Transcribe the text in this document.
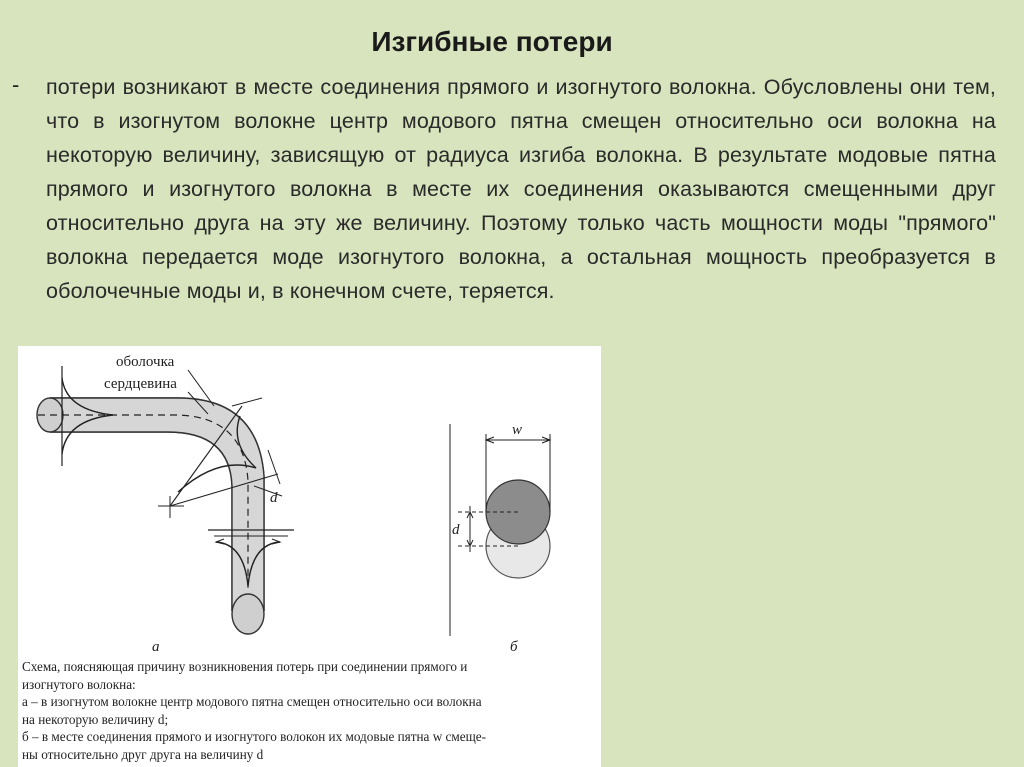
Изгибные потери
- потери возникают в месте соединения прямого и изогнутого волокна. Обусловлены они тем, что в изогнутом волокне центр модового пятна смещен относительно оси волокна на некоторую величину, зависящую от радиуса изгиба волокна. В результате модовые пятна прямого и изогнутого волокна в месте их соединения оказываются смещенными друг относительно друга на эту же величину. Поэтому только часть мощности моды "прямого" волокна передается моде изогнутого волокна, а остальная мощность преобразуется в оболочечные моды и, в конечном счете, теряется.
оболочка
сердцевина
d
а
w
d
б
Схема, поясняющая причину возникновения потерь при соединении прямого и
изогнутого волокна:
а – в изогнутом волокне центр модового пятна смещен относительно оси волокна
на некоторую величину d;
б – в месте соединения прямого и изогнутого волокон их модовые пятна w смеще-
ны относительно друг друга на величину d
